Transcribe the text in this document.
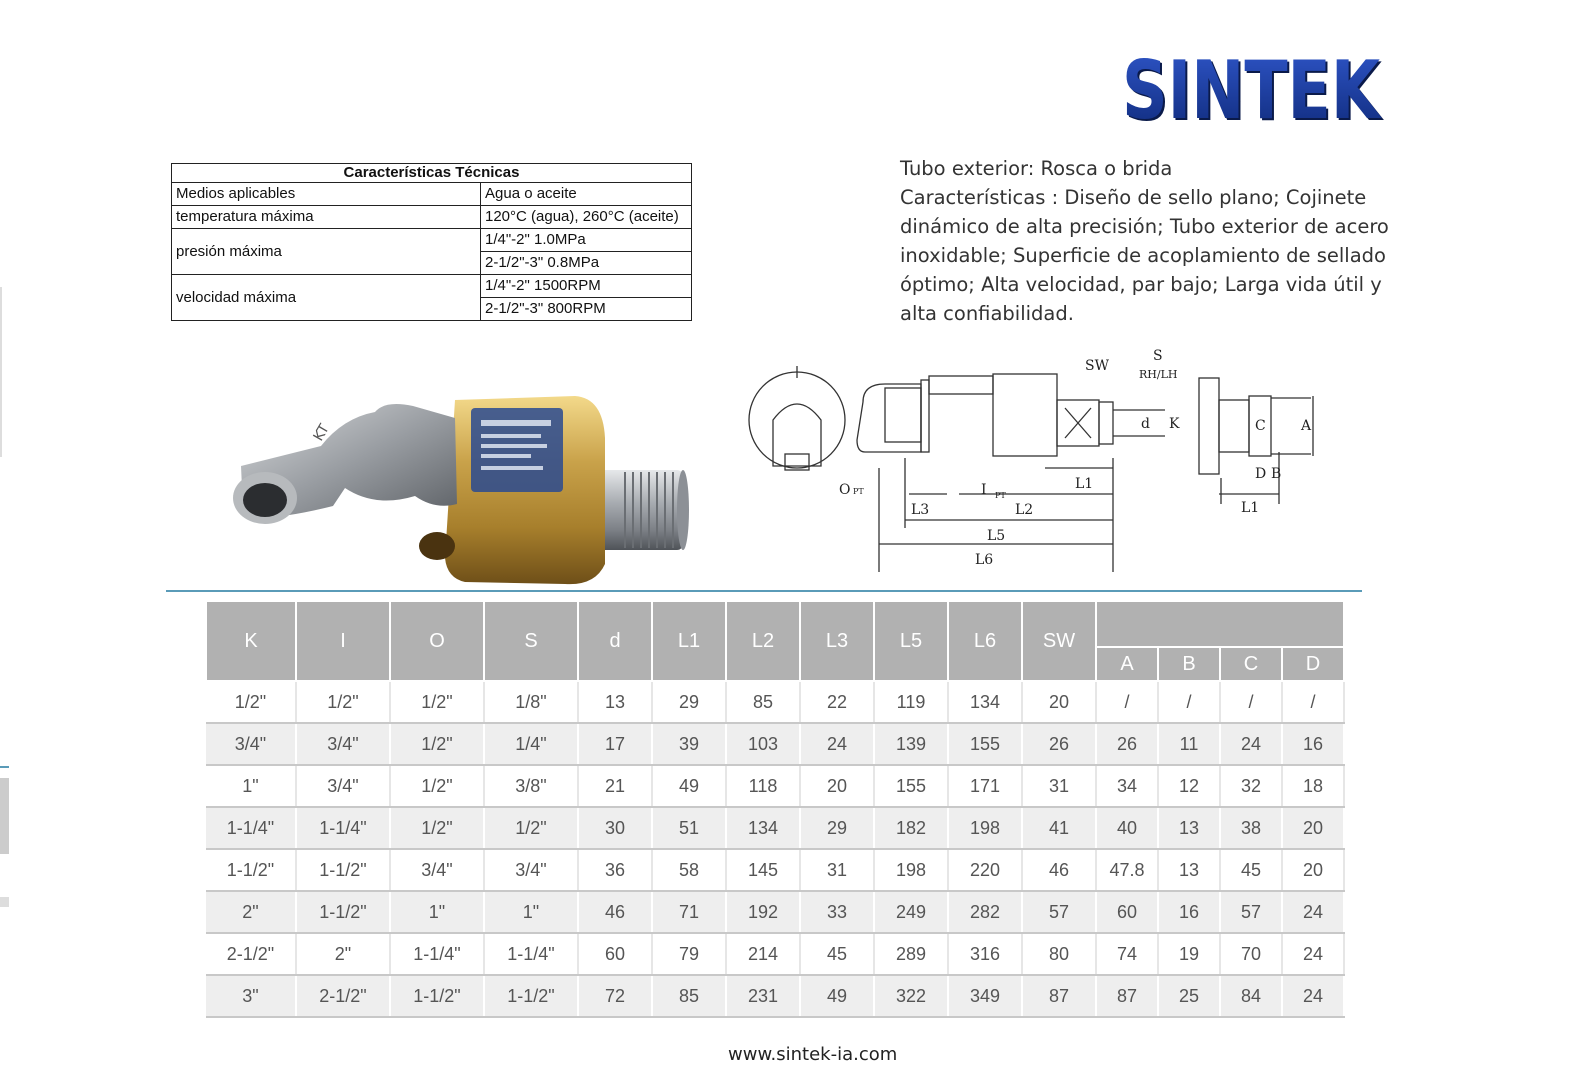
SINTEK
SINTEK
Características Técnicas	
Medios aplicables	Agua o aceite
temperatura máxima	120°C (agua), 260°C (aceite)
presión máxima	1/4"-2" 1.0MPa
	2-1/2"-3" 0.8MPa
velocidad máxima	1/4"-2" 1500RPM
	2-1/2"-3" 800RPM

Tubo exterior: Rosca o brida

Características : Diseño de sello plano; Cojinete dinámico de alta precisión; Tubo exterior de acero inoxidable; Superficie de acoplamiento de sellado óptimo; Alta velocidad, par bajo; Larga vida útil y alta confiabilidad.

KT
SW
S
RH/LH
d K
O PT	I PT
L1
L2
L3
L5
L6
C	A
D B
L1
K	I	O	S	d	L1	L2	L3	L5	L6	SW				
											A	B	C	D
1/2"	1/2"	1/2"	1/8"	13	29	85	22	119	134	20	/	/	/	/
3/4"	3/4"	1/2"	1/4"	17	39	103	24	139	155	26	26	11	24	16
1"	3/4"	1/2"	3/8"	21	49	118	20	155	171	31	34	12	32	18
1-1/4"	1-1/4"	1/2"	1/2"	30	51	134	29	182	198	41	40	13	38	20
1-1/2"	1-1/2"	3/4"	3/4"	36	58	145	31	198	220	46	47.8	13	45	20
2"	1-1/2"	1"	1"	46	71	192	33	249	282	57	60	16	57	24
2-1/2"	2"	1-1/4"	1-1/4"	60	79	214	45	289	316	80	74	19	70	24
3"	2-1/2"	1-1/2"	1-1/2"	72	85	231	49	322	349	87	87	25	84	24
www.sintek-ia.com
